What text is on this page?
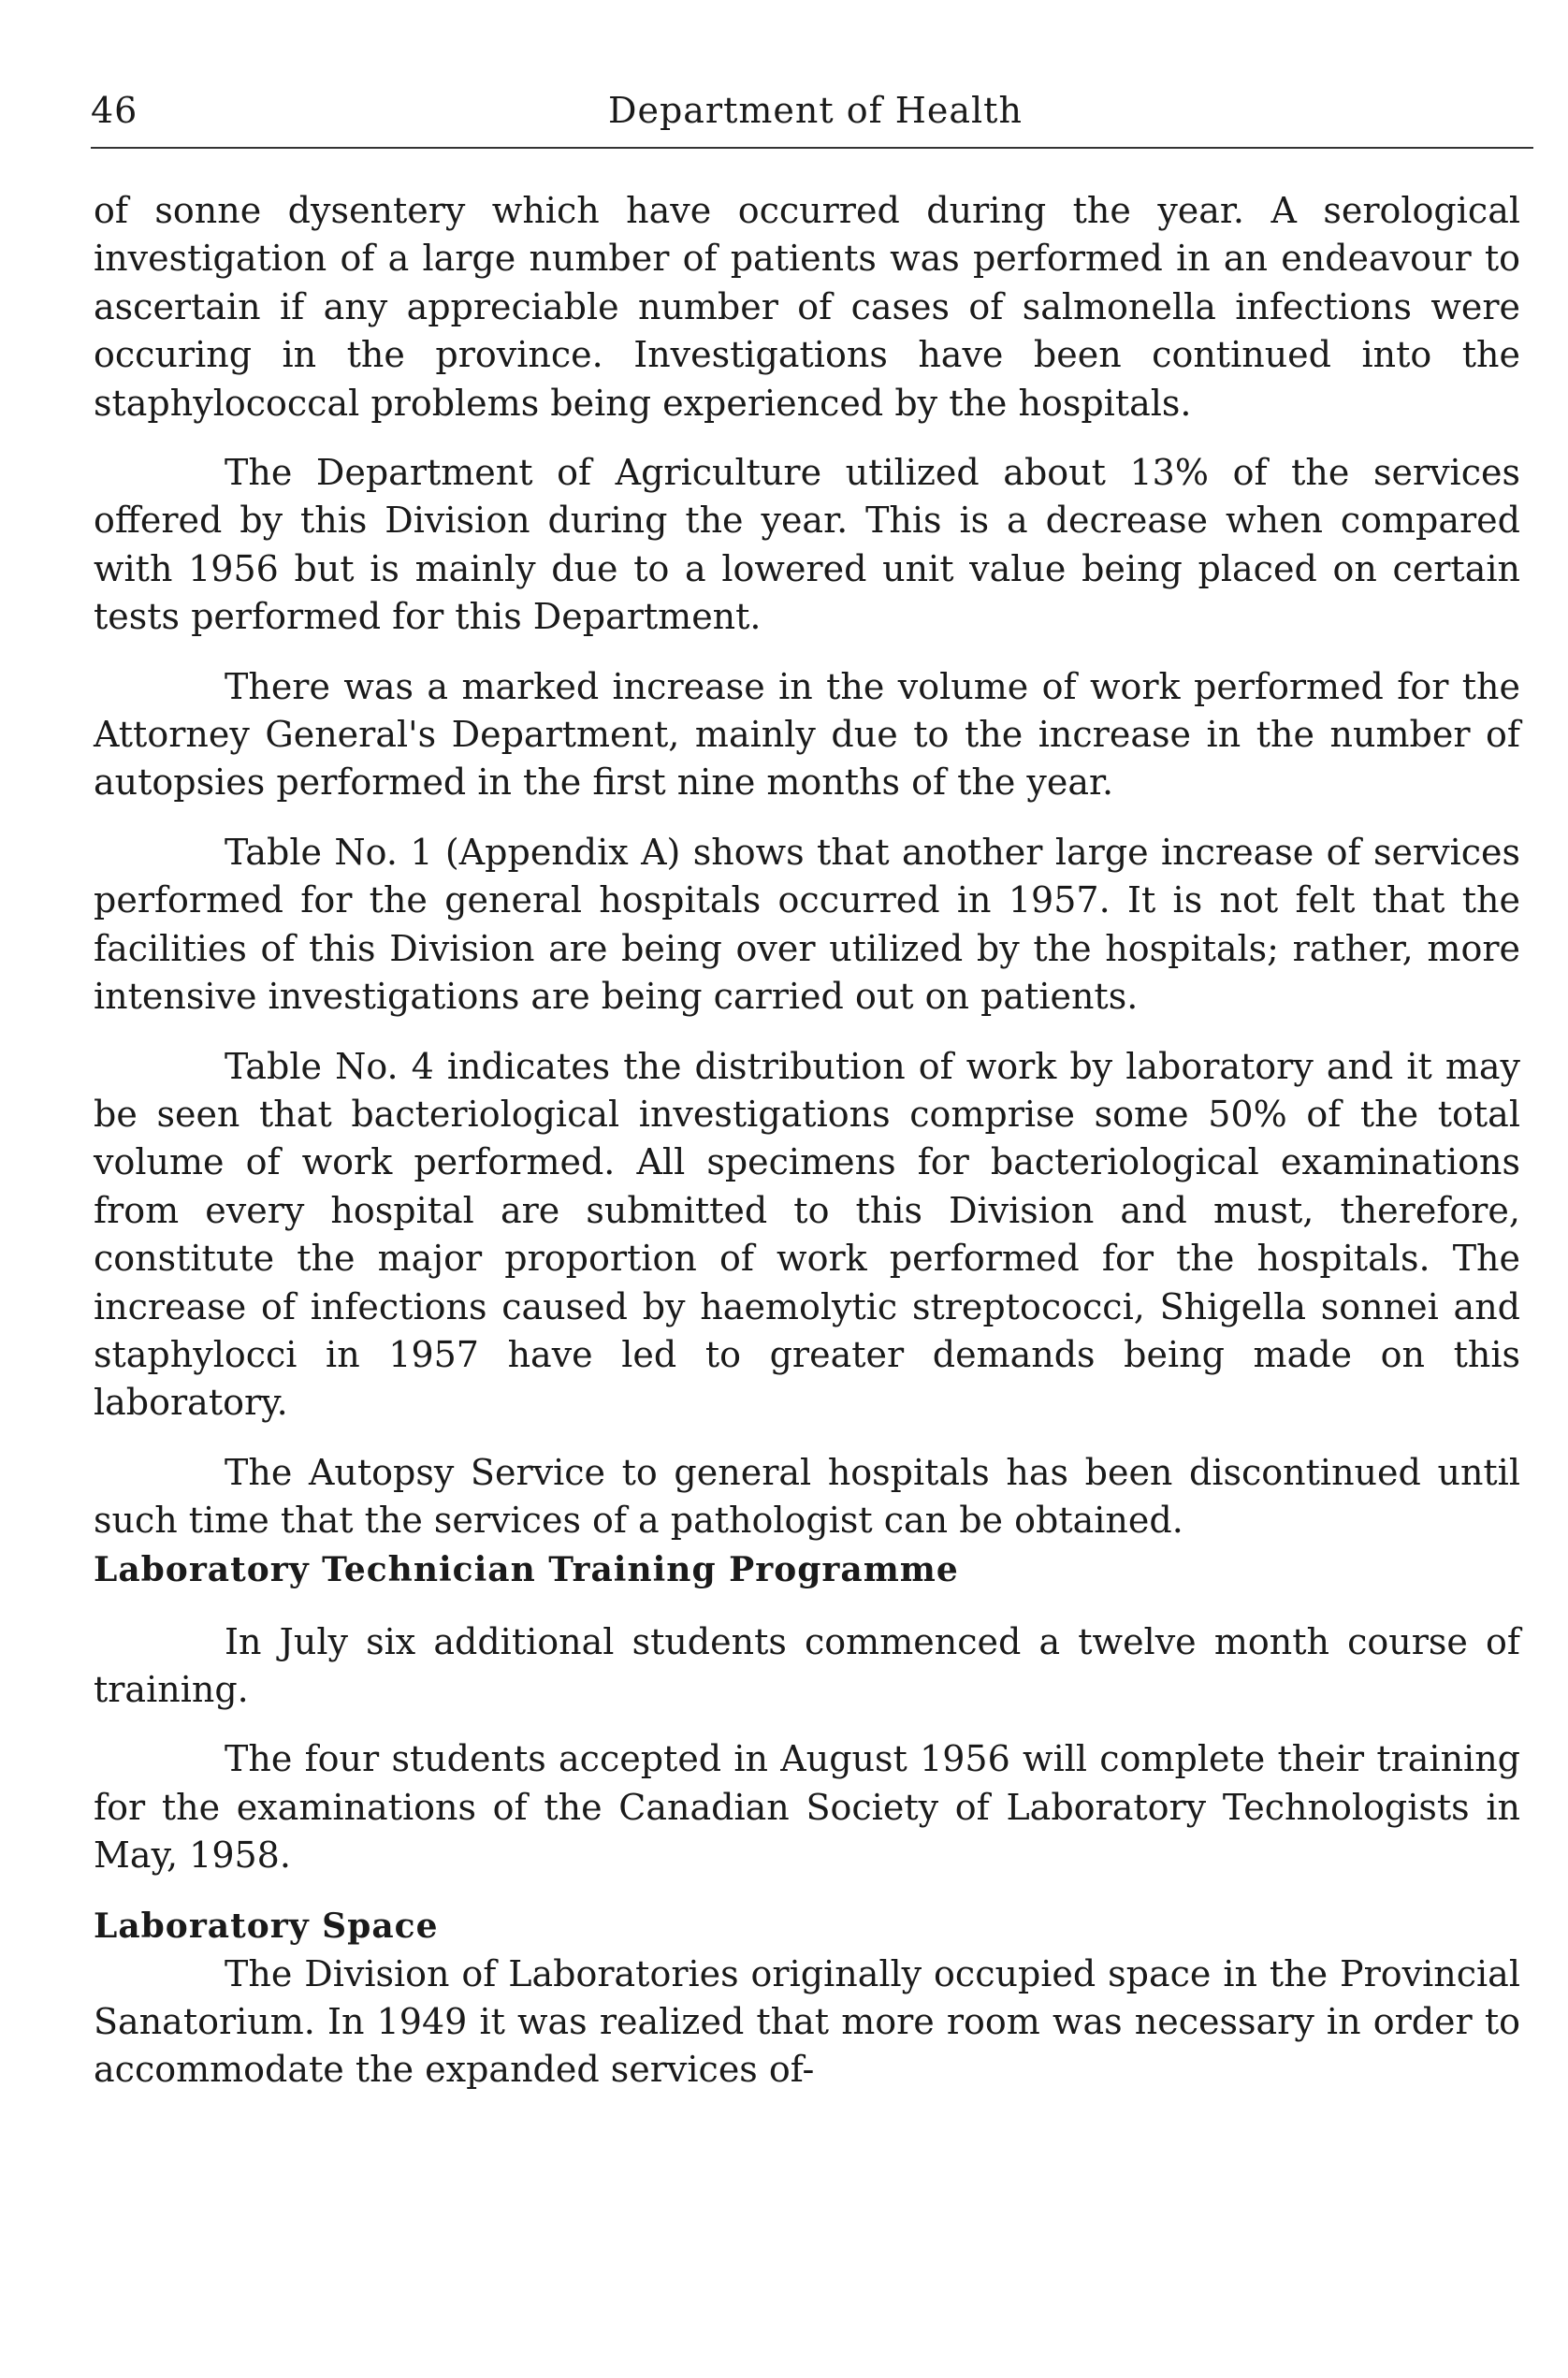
46	Department of Health

of sonne dysentery which have occurred during the year. A serological investigation of a large number of patients was performed in an endeavour to ascertain if any appreciable number of cases of salmonella infections were occuring in the province. Investigations have been continued into the staphylococcal problems being experienced by the hospitals.

The Department of Agriculture utilized about 13% of the services offered by this Division during the year. This is a decrease when compared with 1956 but is mainly due to a lowered unit value being placed on certain tests performed for this Department.

There was a marked increase in the volume of work performed for the Attorney General's Department, mainly due to the increase in the number of autopsies performed in the first nine months of the year.

Table No. 1 (Appendix A) shows that another large increase of services performed for the general hospitals occurred in 1957. It is not felt that the facilities of this Division are being over utilized by the hospitals; rather, more intensive investigations are being carried out on patients.

Table No. 4 indicates the distribution of work by laboratory and it may be seen that bacteriological investigations comprise some 50% of the total volume of work performed. All specimens for bacteriological examinations from every hospital are submitted to this Division and must, therefore, constitute the major proportion of work performed for the hospitals. The increase of infections caused by haemolytic streptococci, Shigella sonnei and staphylocci in 1957 have led to greater demands being made on this laboratory.

The Autopsy Service to general hospitals has been discontinued until such time that the services of a pathologist can be obtained.

Laboratory Technician Training Programme

In July six additional students commenced a twelve month course of training.

The four students accepted in August 1956 will complete their training for the examinations of the Canadian Society of Laboratory Technologists in May, 1958.

Laboratory Space

The Division of Laboratories originally occupied space in the Provincial Sanatorium. In 1949 it was realized that more room was necessary in order to accommodate the expanded services of-
